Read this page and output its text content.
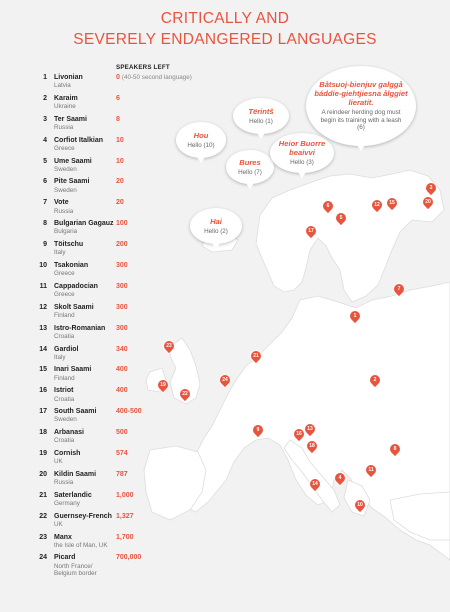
1
2
3
4
5
6
7
8
9
10
11
12
13
14
15
16
17
18
19
20
21
22
23
24
CRITICALLY AND
SEVERELY ENDANGERED LANGUAGES
SPEAKERS LEFT
1 Livonian
Latvia
0 (40-50 second language)
2 Karaim
Ukraine
6
3 Ter Saami
Russia
8
4 Corfiot Italkian
Greece
10
5 Ume Saami
Sweden
10
6 Pite Saami
Sweden
20
7 Vote
Russia
20
8 Bulgarian Gagauz
Bulgaria
100
9 Töitschu
Italy
200
10 Tsakonian
Greece
300
11 Cappadocian
Greece
300
12 Skolt Saami
Finland
300
13 Istro-Romanian
Croatia
300
14 Gardiol
Italy
340
15 Inari Saami
Finland
400
16 Istriot
Croatia
400
17 South Saami
Sweden
400-500
18 Arbanasi
Croatia
500
19 Cornish
UK
574
20 Kildin Saami
Russia
787
21 Saterlandic
Germany
1,000
22 Guernsey-French
UK
1,327
23 Manx
the Isle of Man, UK
1,700
24 Picard
North France/
Belgium border
700,000
Hou
Hello (10)
Tërintš
Hello (1)
Bures
Hello (7)
Heior Buorre beaivvi
Hello (3)
Hai
Hello (2)
Båtsuoj-bienjuv galggå báddie-giehtjiesna ålggiet lieratit.
A reindeer herding dog must begin its training with a leash (6)
